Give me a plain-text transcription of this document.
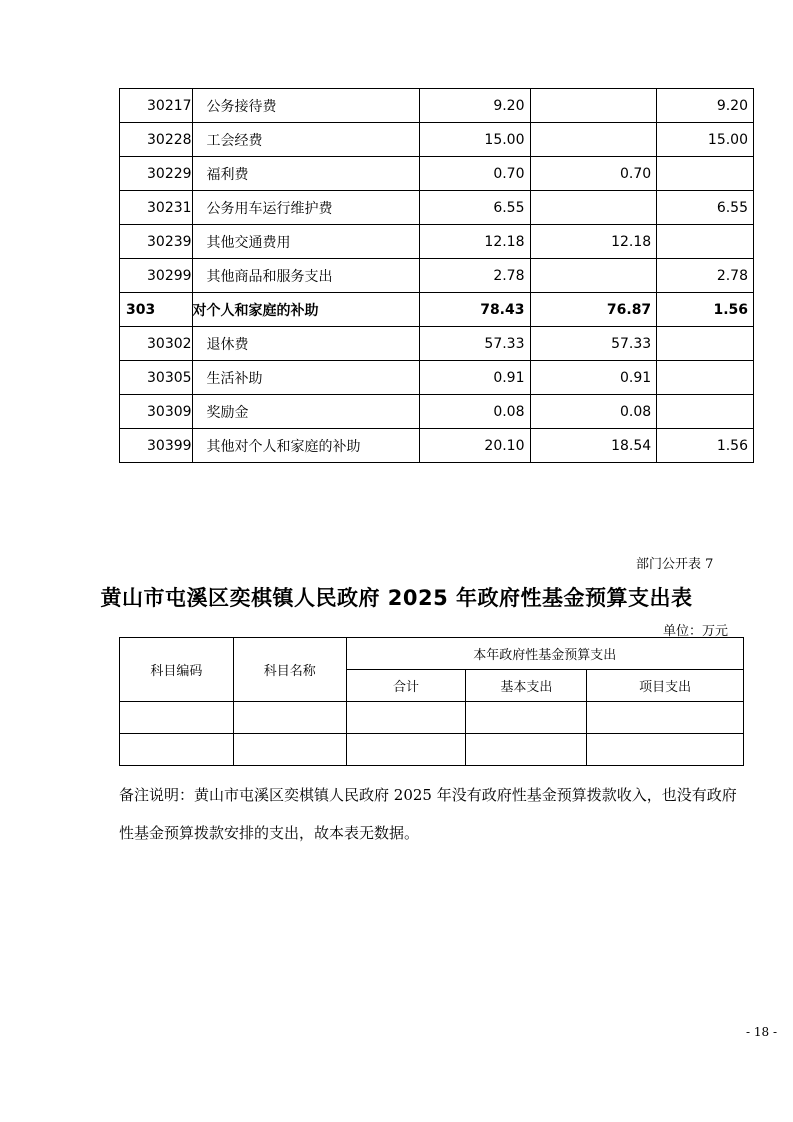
30217	公务接待费	9.20		9.20
30228	工会经费	15.00		15.00
30229	福利费	0.70	0.70	
30231	公务用车运行维护费	6.55		6.55
30239	其他交通费用	12.18	12.18	
30299	其他商品和服务支出	2.78		2.78
303	对个人和家庭的补助	78.43	76.87	1.56
30302	退休费	57.33	57.33	
30305	生活补助	0.91	0.91	
30309	奖励金	0.08	0.08	
30399	其他对个人和家庭的补助	20.10	18.54	1.56
部门公开表 7
黄山市屯溪区奕棋镇人民政府 2025 年政府性基金预算支出表
单位：万元
科目编码	科目名称	本年政府性基金预算支出		
		合计	基本支出	项目支出

备注说明：黄山市屯溪区奕棋镇人民政府 2025 年没有政府性基金预算拨款收入，也没有政府性基金预算拨款安排的支出，故本表无数据。
- 18 -
